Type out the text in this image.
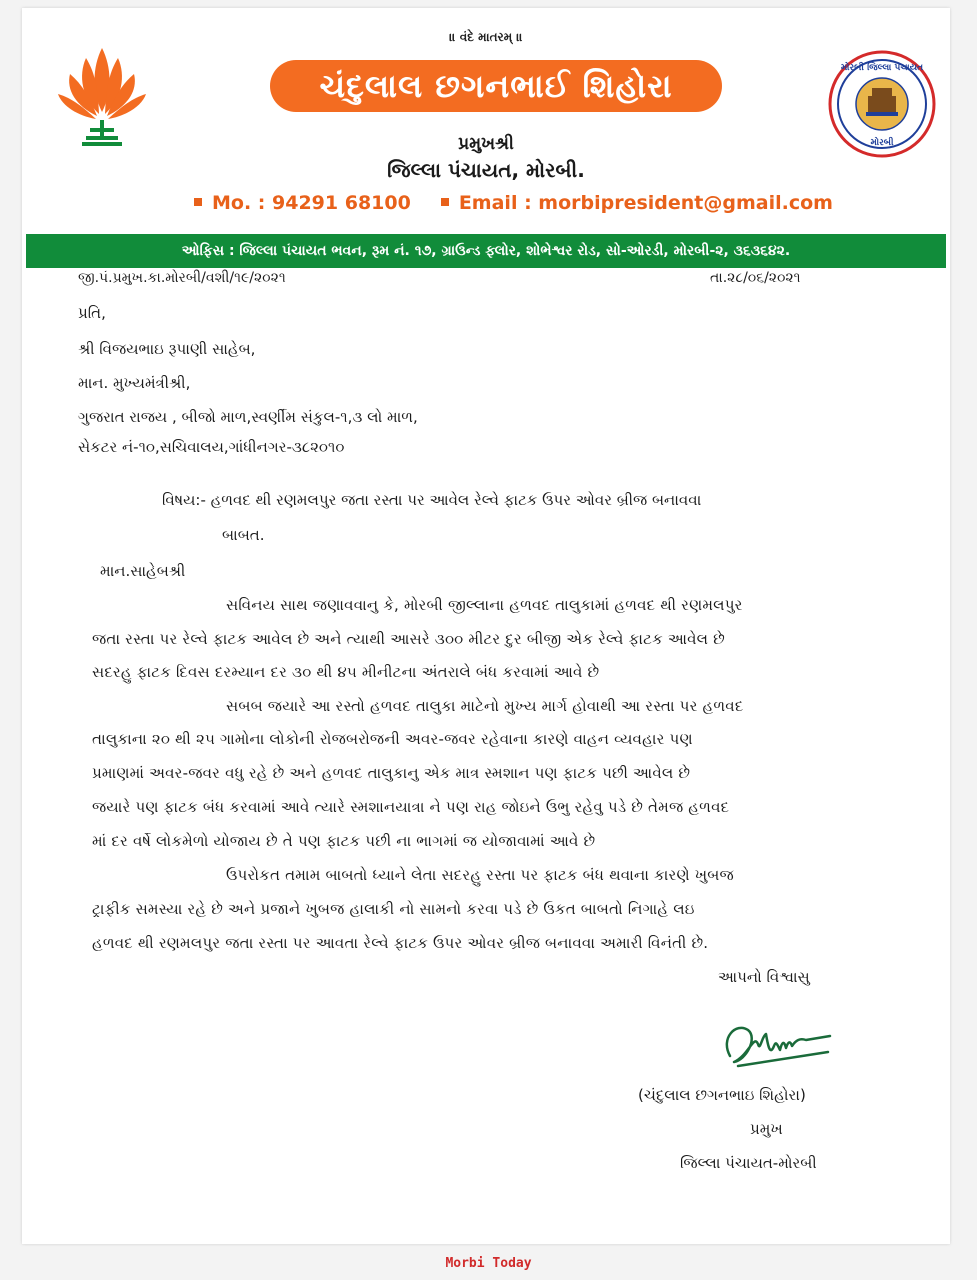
॥ વંદે માતરમ્ ॥
ચંદુલાલ છગનભાઈ શિહોરા	મોરબી જિલ્લા પંચાયત
મોરબી
પ્રમુખશ્રી
જિલ્લા પંચાયત, મોરબી.
Mo. : 94291 68100	Email : morbipresident@gmail.com
ઓફિસ : જિલ્લા પંચાયત ભવન, રૂમ નં. ૧૭, ગ્રાઉન્ડ ફ્લોર, શોભેશ્વર રોડ, સો-ઓરડી, મોરબી-૨, ૩૬૩૬૪૨.
જી.પં.પ્રમુખ.કા.મોરબી/વશી/૧૯/૨૦૨૧	તા.૨૮/૦૬/૨૦૨૧
પ્રતિ,
શ્રી વિજયભાઇ રૂપાણી સાહેબ,
માન. મુખ્યમંત્રીશ્રી,
ગુજરાત રાજય , બીજો માળ,સ્વર્ણીમ સંકુલ-૧,૩ લો માળ,
સેકટર નં-૧૦,સચિવાલય,ગાંધીનગર-૩૮૨૦૧૦
વિષય:- હળવદ થી રણમલપુર જતા રસ્તા પર આવેલ રેલ્વે ફાટક ઉપર ઓવર બ્રીજ બનાવવા
બાબત.
માન.સાહેબશ્રી
સવિનય સાથ જણાવવાનુ કે, મોરબી જીલ્લાના હળવદ તાલુકામાં હળવદ થી રણમલપુર
જતા રસ્તા પર રેલ્વે ફાટક આવેલ છે અને ત્યાથી આસરે ૩૦૦ મીટર દુર બીજી એક રેલ્વે ફાટક આવેલ છે
સદરહુ ફાટક દિવસ દરમ્યાન દર ૩૦ થી ૪૫ મીનીટના અંતરાલે બંધ કરવામાં આવે છે
સબબ જયારે આ રસ્તો હળવદ તાલુકા માટેનો મુખ્ય માર્ગ હોવાથી આ રસ્તા પર હળવદ
તાલુકાના ૨૦ થી ૨૫ ગામોના લોકોની રોજબરોજની અવર-જવર રહેવાના કારણે વાહન વ્યવહાર પણ
પ્રમાણમાં અવર-જવર વધુ રહે છે અને હળવદ તાલુકાનુ એક માત્ર સ્મશાન પણ ફાટક પછી આવેલ છે
જયારે પણ ફાટક બંધ કરવામાં આવે ત્યારે સ્મશાનયાત્રા ને પણ રાહ જોઇને ઉભુ રહેવુ પડે છે તેમજ હળવદ
માં દર વર્ષે લોકમેળો યોજાય છે તે પણ ફાટક પછી ના ભાગમાં જ યોજાવામાં આવે છે
ઉપરોકત તમામ બાબતો ધ્યાને લેતા સદરહુ રસ્તા પર ફાટક બંધ થવાના કારણે ખુબજ
ટ્રાફીક સમસ્યા રહે છે અને પ્રજાને ખુબજ હાલાકી નો સામનો કરવા પડે છે ઉકત બાબતો નિગાહે લઇ
હળવદ થી રણમલપુર જતા રસ્તા પર આવતા રેલ્વે ફાટક ઉપર ઓવર બ્રીજ બનાવવા અમારી વિનંતી છે.
આપનો વિશ્વાસુ
(ચંદુલાલ છગનભાઇ શિહોરા)
પ્રમુખ
જિલ્લા પંચાયત-મોરબી
Morbi Today
